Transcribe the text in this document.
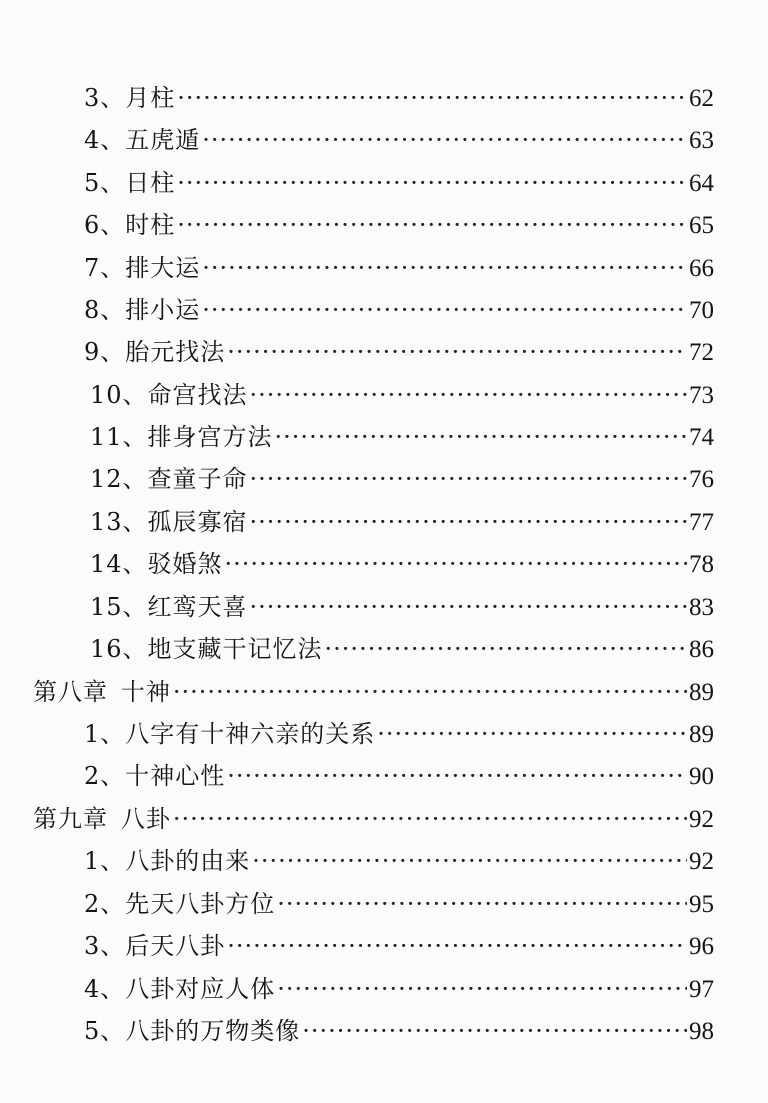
3、月柱 ·····	62
4、五虎遁 ·····	63
5、日柱 ·····	64
6、时柱 ·····	65
7、排大运 ·····	66
8、排小运 ·····	70
9、胎元找法 ·····	72
10、命宫找法 ·····	73
11、排身宫方法 ·····	74
12、查童子命 ·····	76
13、孤辰寡宿 ·····	77
14、驳婚煞 ·····	78
15、红鸾天喜 ·····	83
16、地支藏干记忆法 ·····	86
第八章 十神 ·····	89
1、八字有十神六亲的关系 ·····	89
2、十神心性 ·····	90
第九章 八卦 ·····	92
1、八卦的由来 ·····	92
2、先天八卦方位 ·····	95
3、后天八卦 ·····	96
4、八卦对应人体 ·····	97
5、八卦的万物类像 ·····	98
